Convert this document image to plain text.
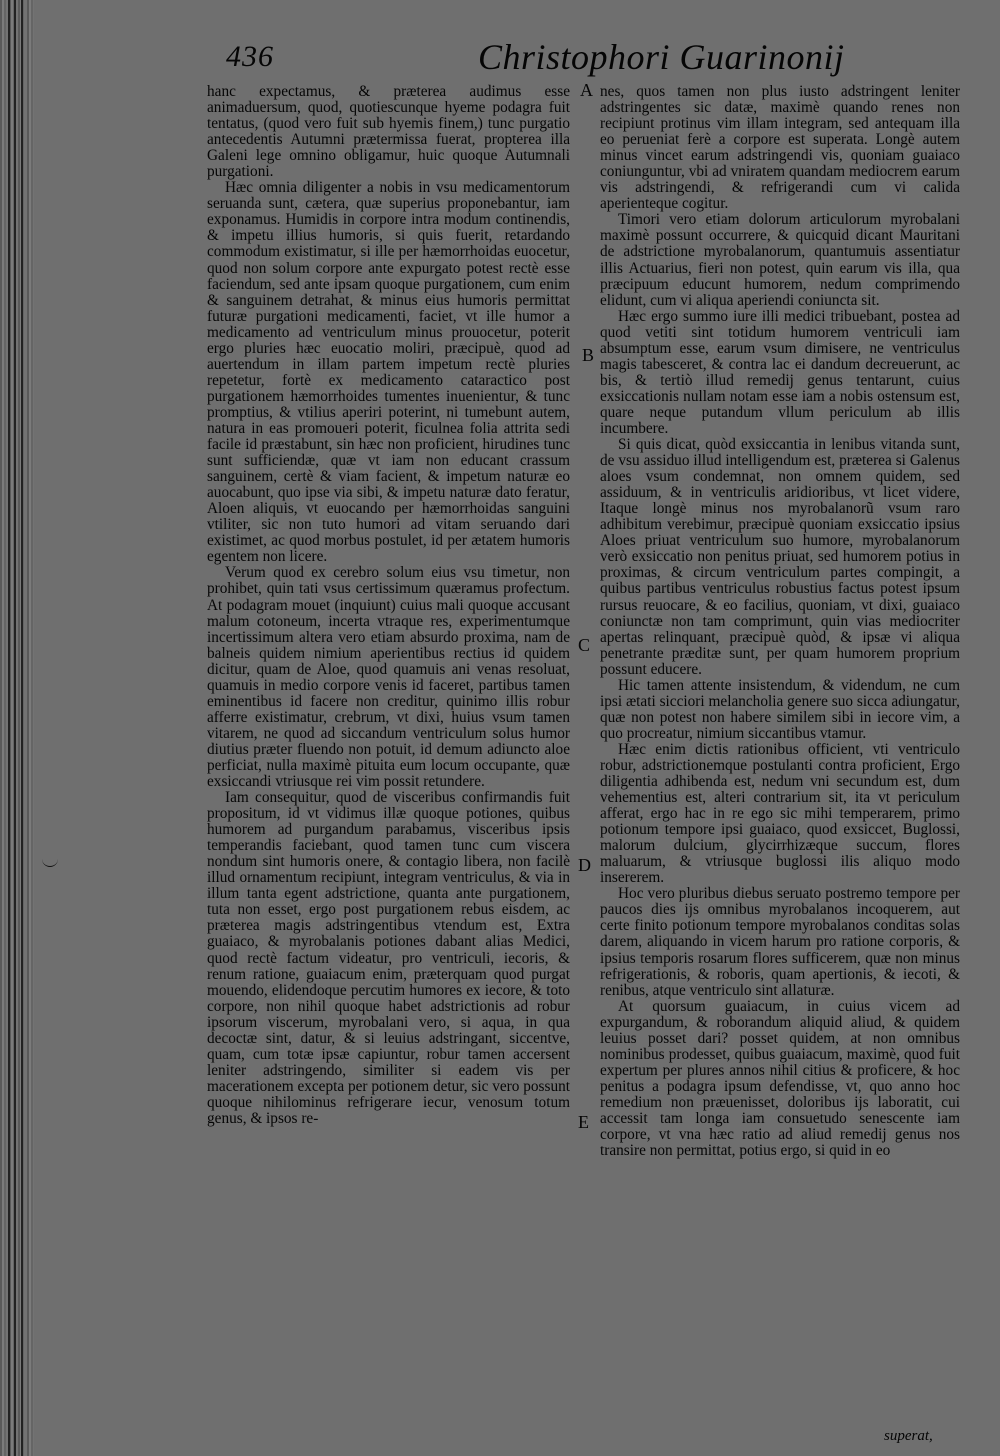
436	Christophori Guarinonij

hanc expectamus, & præterea audimus esse animaduersum, quod, quotiescunque hyeme podagra fuit tentatus, (quod vero fuit sub hyemis finem,) tunc purgatio antecedentis Autumni prætermissa fuerat, propterea illa Galeni lege omnino obligamur, huic quoque Autumnali purgationi.

Hæc omnia diligenter a nobis in vsu medicamentorum seruanda sunt, cætera, quæ superius proponebantur, iam exponamus. Humidis in corpore intra modum continendis, & impetu illius humoris, si quis fuerit, retardando commodum existimatur, si ille per hæmorrhoidas euocetur, quod non solum corpore ante expurgato potest rectè esse faciendum, sed ante ipsam quoque purgationem, cum enim & sanguinem detrahat, & minus eius humoris permittat futuræ purgationi medicamenti, faciet, vt ille humor a medicamento ad ventriculum minus prouocetur, poterit ergo pluries hæc euocatio moliri, præcipuè, quod ad auertendum in illam partem impetum rectè pluries repetetur, fortè ex medicamento cataractico post purgationem hæmorrhoides tumentes inuenientur, & tunc promptius, & vtilius aperiri poterint, ni tumebunt autem, natura in eas promoueri poterit, ficulnea folia attrita sedi facile id præstabunt, sin hæc non proficient, hirudines tunc sunt sufficiendæ, quæ vt iam non educant crassum sanguinem, certè & viam facient, & impetum naturæ eo auocabunt, quo ipse via sibi, & impetu naturæ dato feratur, Aloen aliquis, vt euocando per hæmorrhoidas sanguini vtiliter, sic non tuto humori ad vitam seruando dari existimet, ac quod morbus postulet, id per ætatem humoris egentem non licere.

Verum quod ex cerebro solum eius vsu timetur, non prohibet, quin tati vsus certissimum quæramus profectum. At podagram mouet (inquiunt) cuius mali quoque accusant malum cotoneum, incerta vtraque res, experimentumque incertissimum altera vero etiam absurdo proxima, nam de balneis quidem nimium aperientibus rectius id quidem dicitur, quam de Aloe, quod quamuis ani venas resoluat, quamuis in medio corpore venis id faceret, partibus tamen eminentibus id facere non creditur, quinimo illis robur afferre existimatur, crebrum, vt dixi, huius vsum tamen vitarem, ne quod ad siccandum ventriculum solus humor diutius præter fluendo non potuit, id demum adiuncto aloe perficiat, nulla maximè pituita eum locum occupante, quæ exsiccandi vtriusque rei vim possit retundere.

Iam consequitur, quod de visceribus confirmandis fuit propositum, id vt vidimus illæ quoque potiones, quibus humorem ad purgandum parabamus, visceribus ipsis temperandis faciebant, quod tamen tunc cum viscera nondum sint humoris onere, & contagio libera, non facilè illud ornamentum recipiunt, integram ventriculus, & via in illum tanta egent adstrictione, quanta ante purgationem, tuta non esset, ergo post purgationem rebus eisdem, ac præterea magis adstringentibus vtendum est, Extra guaiaco, & myrobalanis potiones dabant alias Medici, quod rectè factum videatur, pro ventriculi, iecoris, & renum ratione, guaiacum enim, præterquam quod purgat mouendo, elidendoque percutim humores ex iecore, & toto corpore, non nihil quoque habet adstrictionis ad robur ipsorum viscerum, myrobalani vero, si aqua, in qua decoctæ sint, datur, & si leuius adstringant, siccentve, quam, cum totæ ipsæ capiuntur, robur tamen accersent leniter adstringendo, similiter si eadem vis per macerationem excepta per potionem detur, sic vero possunt quoque nihilominus refrigerare iecur, venosum totum genus, & ipsos re-

A
B
C
D
E

nes, quos tamen non plus iusto adstringent leniter adstringentes sic datæ, maximè quando renes non recipiunt protinus vim illam integram, sed antequam illa eo perueniat ferè a corpore est superata. Longè autem minus vincet earum adstringendi vis, quoniam guaiaco coniunguntur, vbi ad vniratem quandam mediocrem earum vis adstringendi, & refrigerandi cum vi calida aperienteque cogitur.

Timori vero etiam dolorum articulorum myrobalani maximè possunt occurrere, & quicquid dicant Mauritani de adstrictione myrobalanorum, quantumuis assentiatur illis Actuarius, fieri non potest, quin earum vis illa, qua præcipuum educunt humorem, nedum comprimendo elidunt, cum vi aliqua aperiendi coniuncta sit.

Hæc ergo summo iure illi medici tribuebant, postea ad quod vetiti sint totidum humorem ventriculi iam absumptum esse, earum vsum dimisere, ne ventriculus magis tabesceret, & contra lac ei dandum decreuerunt, ac bis, & tertiò illud remedij genus tentarunt, cuius exsiccationis nullam notam esse iam a nobis ostensum est, quare neque putandum vllum periculum ab illis incumbere.

Si quis dicat, quòd exsiccantia in lenibus vitanda sunt, de vsu assiduo illud intelligendum est, præterea si Galenus aloes vsum condemnat, non omnem quidem, sed assiduum, & in ventriculis aridioribus, vt licet videre, Itaque longè minus nos myrobalanorũ vsum raro adhibitum verebimur, præcipuè quoniam exsiccatio ipsius Aloes priuat ventriculum suo humore, myrobalanorum verò exsiccatio non penitus priuat, sed humorem potius in proximas, & circum ventriculum partes compingit, a quibus partibus ventriculus robustius factus potest ipsum rursus reuocare, & eo facilius, quoniam, vt dixi, guaiaco coniunctæ non tam comprimunt, quin vias mediocriter apertas relinquant, præcipuè quòd, & ipsæ vi aliqua penetrante præditæ sunt, per quam humorem proprium possunt educere.

Hic tamen attente insistendum, & videndum, ne cum ipsi ætati sicciori melancholia genere suo sicca adiungatur, quæ non potest non habere similem sibi in iecore vim, a quo procreatur, nimium siccantibus vtamur.

Hæc enim dictis rationibus officient, vti ventriculo robur, adstrictionemque postulanti contra proficient, Ergo diligentia adhibenda est, nedum vni secundum est, dum vehementius est, alteri contrarium sit, ita vt periculum afferat, ergo hac in re ego sic mihi temperarem, primo potionum tempore ipsi guaiaco, quod exsiccet, Buglossi, malorum dulcium, glycirrhizæque succum, flores maluarum, & vtriusque buglossi ilis aliquo modo insererem.

Hoc vero pluribus diebus seruato postremo tempore per paucos dies ijs omnibus myrobalanos incoquerem, aut certe finito potionum tempore myrobalanos conditas solas darem, aliquando in vicem harum pro ratione corporis, & ipsius temporis rosarum flores sufficerem, quæ non minus refrigerationis, & roboris, quam apertionis, & iecoti, & renibus, atque ventriculo sint allaturæ.

At quorsum guaiacum, in cuius vicem ad expurgandum, & roborandum aliquid aliud, & quidem leuius posset dari? posset quidem, at non omnibus nominibus prodesset, quibus guaiacum, maximè, quod fuit expertum per plures annos nihil citius & proficere, & hoc penitus a podagra ipsum defendisse, vt, quo anno hoc remedium non præuenisset, doloribus ijs laboratit, cui accessit tam longa iam consuetudo senescente iam corpore, vt vna hæc ratio ad aliud remedij genus nos transire non permittat, potius ergo, si quid in eo

superat,
